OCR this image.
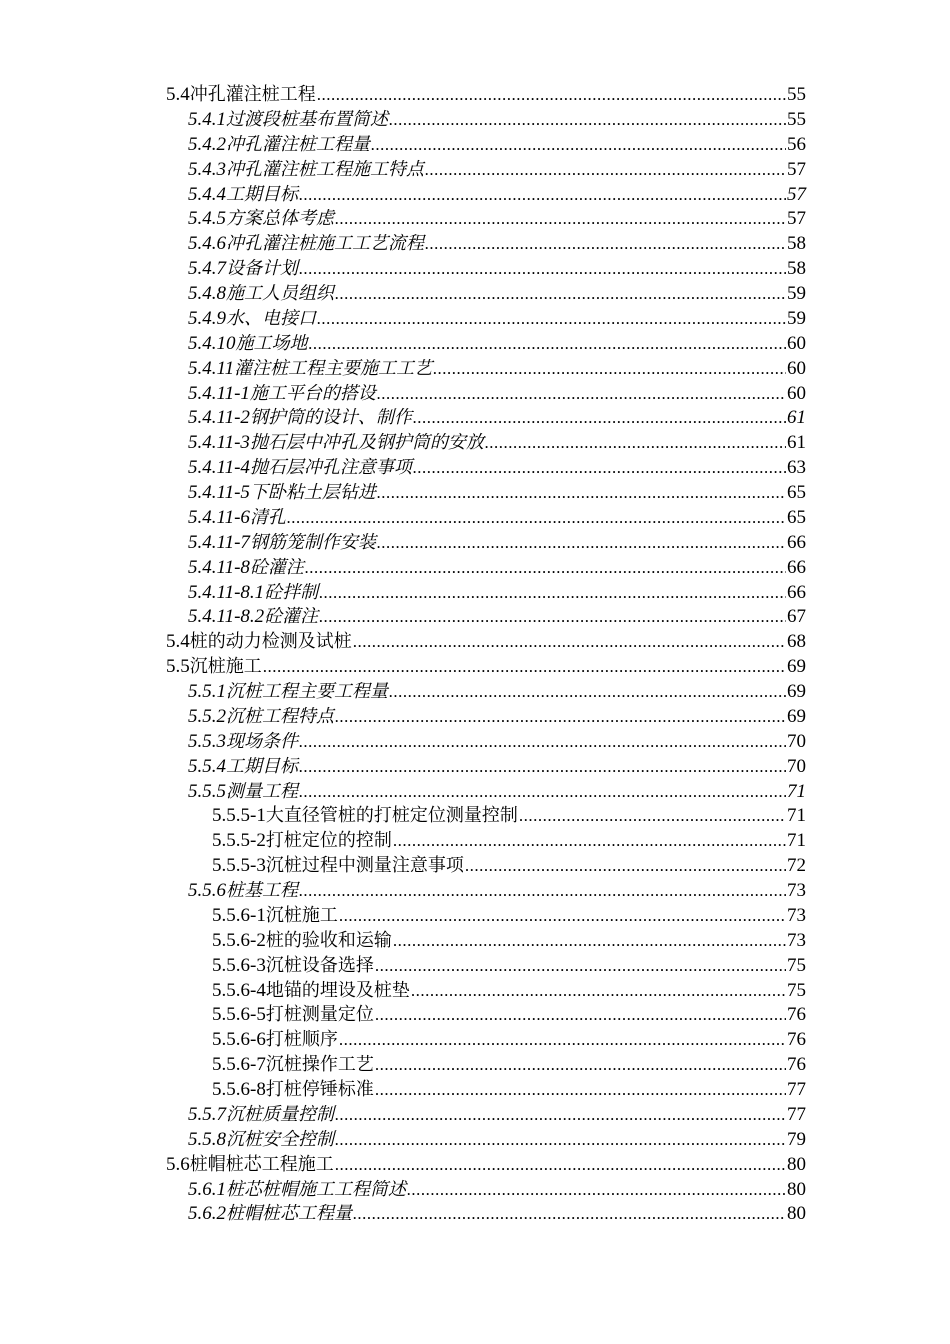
5.4 冲孔灌注桩工程 .....	55
5.4.1 过渡段桩基布置简述 .....	55
5.4.2 冲孔灌注桩工程量 .....	56
5.4.3 冲孔灌注桩工程施工特点 .....	57
5.4.4 工期目标 .....	57
5.4.5 方案总体考虑 .....	57
5.4.6 冲孔灌注桩施工工艺流程 .....	58
5.4.7 设备计划 .....	58
5.4.8 施工人员组织 .....	59
5.4.9 水、电接口 .....	59
5.4.10 施工场地 .....	60
5.4.11 灌注桩工程主要施工工艺 .....	60
5.4.11-1 施工平台的搭设 .....	60
5.4.11-2 钢护筒的设计、制作 .....	61
5.4.11-3 抛石层中冲孔及钢护筒的安放 .....	61
5.4.11-4 抛石层冲孔注意事项 .....	63
5.4.11-5 下卧粘土层钻进 .....	65
5.4.11-6 清孔 .....	65
5.4.11-7 钢筋笼制作安装 .....	66
5.4.11-8 砼灌注 .....	66
5.4.11-8.1 砼拌制 .....	66
5.4.11-8.2 砼灌注 .....	67
5.4 桩的动力检测及试桩 .....	68
5.5 沉桩施工 .....	69
5.5.1 沉桩工程主要工程量 .....	69
5.5.2 沉桩工程特点 .....	69
5.5.3 现场条件 .....	70
5.5.4 工期目标 .....	70
5.5.5 测量工程 .....	71
5.5.5-1 大直径管桩的打桩定位测量控制 .....	71
5.5.5-2 打桩定位的控制 .....	71
5.5.5-3 沉桩过程中测量注意事项 .....	72
5.5.6 桩基工程 .....	73
5.5.6-1 沉桩施工 .....	73
5.5.6-2 桩的验收和运输 .....	73
5.5.6-3 沉桩设备选择 .....	75
5.5.6-4 地锚的埋设及桩垫 .....	75
5.5.6-5 打桩测量定位 .....	76
5.5.6-6 打桩顺序 .....	76
5.5.6-7 沉桩操作工艺 .....	76
5.5.6-8 打桩停锤标准 .....	77
5.5.7 沉桩质量控制 .....	77
5.5.8 沉桩安全控制 .....	79
5.6 桩帽桩芯工程施工 .....	80
5.6.1 桩芯桩帽施工工程简述 .....	80
5.6.2 桩帽桩芯工程量 .....	80
